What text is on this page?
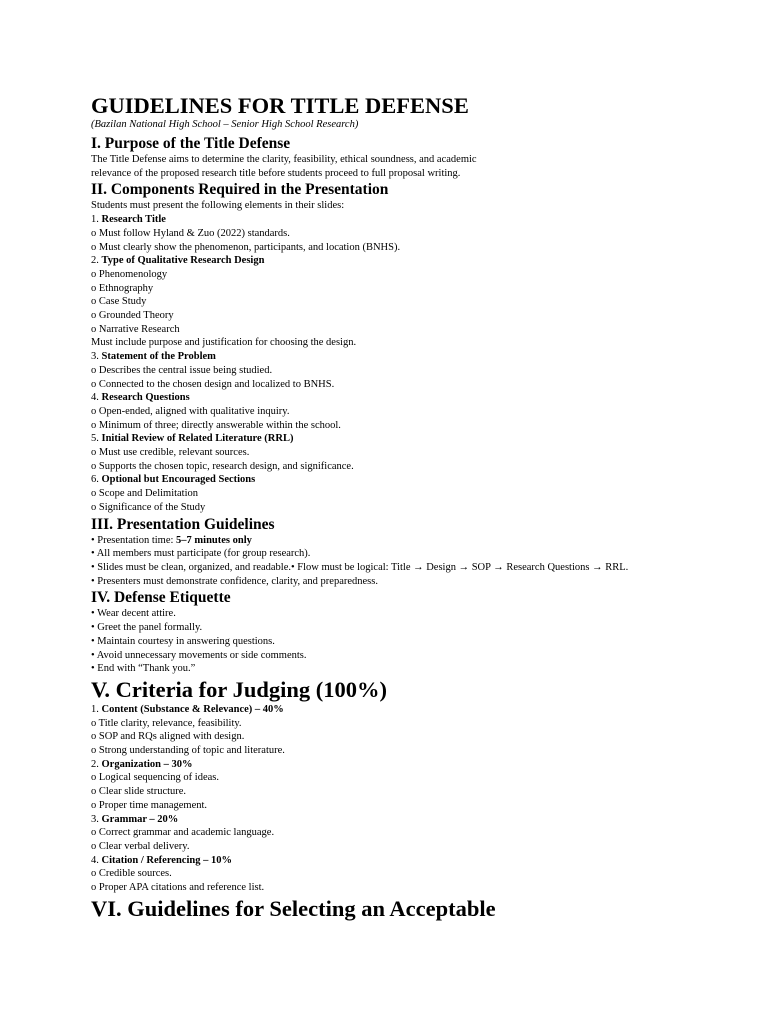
GUIDELINES FOR TITLE DEFENSE
(Bazilan National High School – Senior High School Research)
I. Purpose of the Title Defense
The Title Defense aims to determine the clarity, feasibility, ethical soundness, and academic
relevance of the proposed research title before students proceed to full proposal writing.
II. Components Required in the Presentation
Students must present the following elements in their slides:
1. Research Title
o Must follow Hyland & Zuo (2022) standards.
o Must clearly show the phenomenon, participants, and location (BNHS).
2. Type of Qualitative Research Design
o Phenomenology
o Ethnography
o Case Study
o Grounded Theory
o Narrative Research
Must include purpose and justification for choosing the design.
3. Statement of the Problem
o Describes the central issue being studied.
o Connected to the chosen design and localized to BNHS.
4. Research Questions
o Open-ended, aligned with qualitative inquiry.
o Minimum of three; directly answerable within the school.
5. Initial Review of Related Literature (RRL)
o Must use credible, relevant sources.
o Supports the chosen topic, research design, and significance.
6. Optional but Encouraged Sections
o Scope and Delimitation
o Significance of the Study
III. Presentation Guidelines
• Presentation time: 5–7 minutes only
• All members must participate (for group research).
• Slides must be clean, organized, and readable.• Flow must be logical: Title → Design → SOP → Research Questions → RRL.
• Presenters must demonstrate confidence, clarity, and preparedness.
IV. Defense Etiquette
• Wear decent attire.
• Greet the panel formally.
• Maintain courtesy in answering questions.
• Avoid unnecessary movements or side comments.
• End with “Thank you.”
V. Criteria for Judging (100%)
1. Content (Substance & Relevance) – 40%
o Title clarity, relevance, feasibility.
o SOP and RQs aligned with design.
o Strong understanding of topic and literature.
2. Organization – 30%
o Logical sequencing of ideas.
o Clear slide structure.
o Proper time management.
3. Grammar – 20%
o Correct grammar and academic language.
o Clear verbal delivery.
4. Citation / Referencing – 10%
o Credible sources.
o Proper APA citations and reference list.
VI. Guidelines for Selecting an Acceptable
